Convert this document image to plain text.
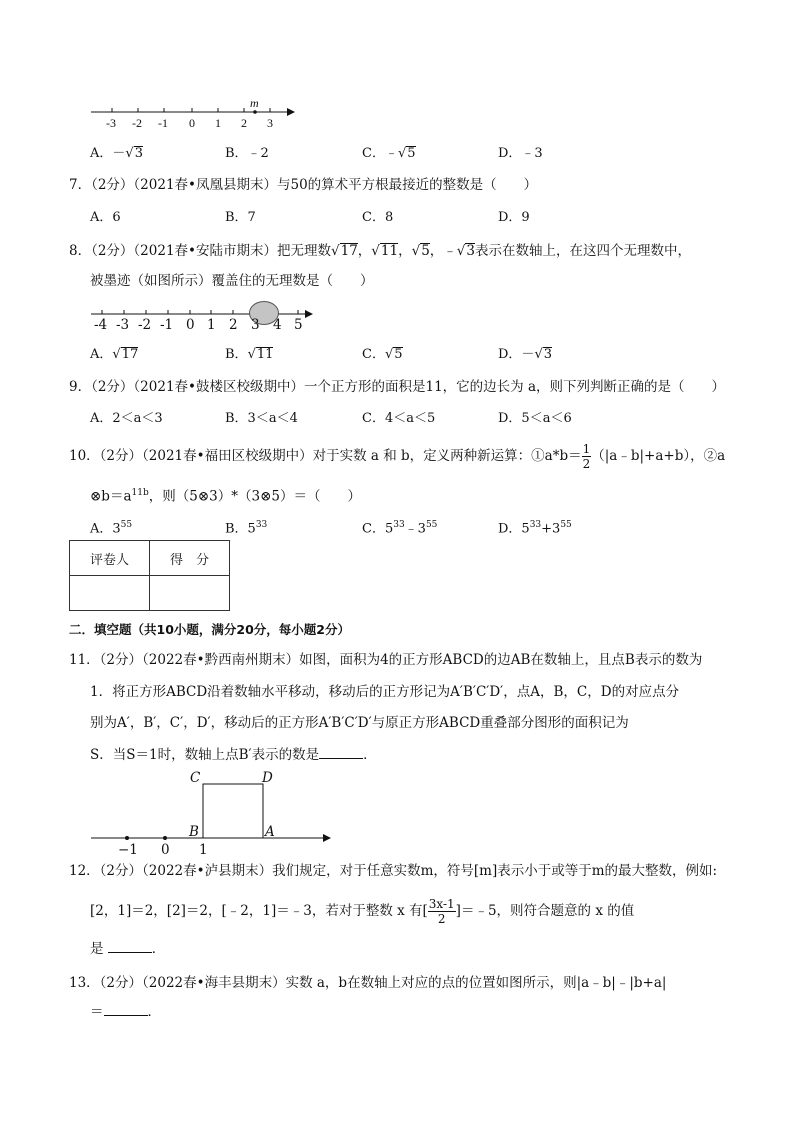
m
-3 -2 -1 0 1 2 3
A．－√3	B．﹣2	C．﹣√5	D．﹣3
7．（2分）（2021春•凤凰县期末）与50的算术平方根最接近的整数是（　　）
A．6	B．7	C．8	D．9
8．（2分）（2021春•安陆市期末）把无理数√17，√11，√5，﹣√3表示在数轴上，在这四个无理数中，
被墨迹（如图所示）覆盖住的无理数是（　　）
-4 -3 -2 -1 0 1 2 3 4 5
A．√17	B．√11	C．√5	D．－√3
9．（2分）（2021春•鼓楼区校级期中）一个正方形的面积是11，它的边长为 a，则下列判断正确的是（　　）
A．2＜a＜3	B．3＜a＜4	C．4＜a＜5	D．5＜a＜6
10．（2分）（2021春•福田区校级期中）对于实数 a 和 b，定义两种新运算：①a*b＝ $\frac{1}{2}$ （|a﹣b|+a+b），②a
$\otimes b=a^{11b}$，则（5⊗3）*（3⊗5）＝（　　）
A．$3^{55}$	B．$5^{33}$	C．$5^{33}﹣3^{55}$	D．$5^{33}+3^{55}$
评卷人	得　分

二．填空题（共10小题，满分20分，每小题2分）
11．（2分）（2022春•黔西南州期末）如图，面积为4的正方形ABCD的边AB在数轴上，且点B表示的数为
1．将正方形ABCD沿着数轴水平移动，移动后的正方形记为A′B′C′D′，点A，B，C，D的对应点分
别为A′，B′，C′，D′，移动后的正方形A′B′C′D′与原正方形ABCD重叠部分图形的面积记为
S．当S＝1时，数轴上点B′表示的数是	．
C	D
B	A
1
−1 0
12．（2分）（2022春•泸县期末）我们规定，对于任意实数m，符号[m]表示小于或等于m的最大整数，例如:
[2，1]＝2，[2]＝2，[﹣2，1]＝﹣3，若对于整数 x 有[ $\frac{3x-1}{2}$ ]＝﹣5，则符合题意的 x 的值
是	．
13．（2分）（2022春•海丰县期末）实数 a，b在数轴上对应的点的位置如图所示，则|a﹣b|﹣|b+a|
＝	．
